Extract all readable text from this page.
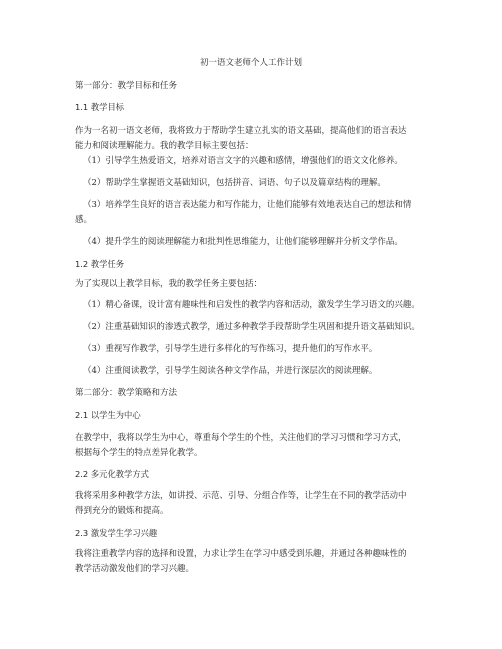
初一语文老师个人工作计划
第一部分：教学目标和任务
1.1 教学目标
作为一名初一语文老师，我将致力于帮助学生建立扎实的语文基础，提高他们的语言表达
能力和阅读理解能力。我的教学目标主要包括：
（1）引导学生热爱语文，培养对语言文字的兴趣和感情，增强他们的语文文化修养。
（2）帮助学生掌握语文基础知识，包括拼音、词语、句子以及篇章结构的理解。
（3）培养学生良好的语言表达能力和写作能力，让他们能够有效地表达自己的想法和情
感。
（4）提升学生的阅读理解能力和批判性思维能力，让他们能够理解并分析文学作品。
1.2 教学任务
为了实现以上教学目标，我的教学任务主要包括：
（1）精心备课，设计富有趣味性和启发性的教学内容和活动，激发学生学习语文的兴趣。
（2）注重基础知识的渗透式教学，通过多种教学手段帮助学生巩固和提升语文基础知识。
（3）重视写作教学，引导学生进行多样化的写作练习，提升他们的写作水平。
（4）注重阅读教学，引导学生阅读各种文学作品，并进行深层次的阅读理解。
第二部分：教学策略和方法
2.1 以学生为中心
在教学中，我将以学生为中心，尊重每个学生的个性，关注他们的学习习惯和学习方式，
根据每个学生的特点差异化教学。
2.2 多元化教学方式
我将采用多种教学方法，如讲授、示范、引导、分组合作等，让学生在不同的教学活动中
得到充分的锻炼和提高。
2.3 激发学生学习兴趣
我将注重教学内容的选择和设置，力求让学生在学习中感受到乐趣，并通过各种趣味性的
教学活动激发他们的学习兴趣。
